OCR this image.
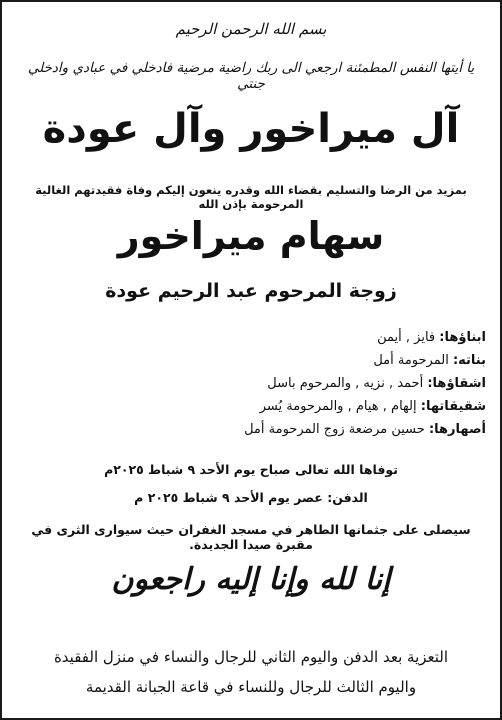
بسم الله الرحمن الرحيم
يا أيتها النفس المطمئنة ارجعي الى ربك راضية مرضية فادخلي في عبادي وادخلي جنتي
آل ميراخور وآل عودة
بمزيد من الرضا والتسليم بقضاء الله وقدره ينعون إليكم وفاة فقيدتهم الغالية المرحومة بإذن الله
سهام ميراخور
زوجة المرحوم عبد الرحيم عودة
ابناؤها: فايز , أيمن
بناته: المرحومة أمل
اشقاؤها: أحمد , نزيه , والمرحوم باسل
شقيقاتها: إلهام , هيام , والمرحومة يُسر
أصهارها: حسين مرضعة زوج المرحومة أمل
توفاها الله تعالى صباح يوم الأحد ٩ شباط ٢٠٢٥م
الدفن: عصر يوم الأحد ٩ شباط ٢٠٢٥ م
سيصلى على جثمانها الطاهر في مسجد الغفران حيث سيوارى الثرى في مقبرة صيدا الجديدة.
إنا لله وإنا إليه راجعون
التعزية بعد الدفن واليوم الثاني للرجال والنساء في منزل الفقيدة
واليوم الثالث للرجال وللنساء في قاعة الجبانة القديمة
